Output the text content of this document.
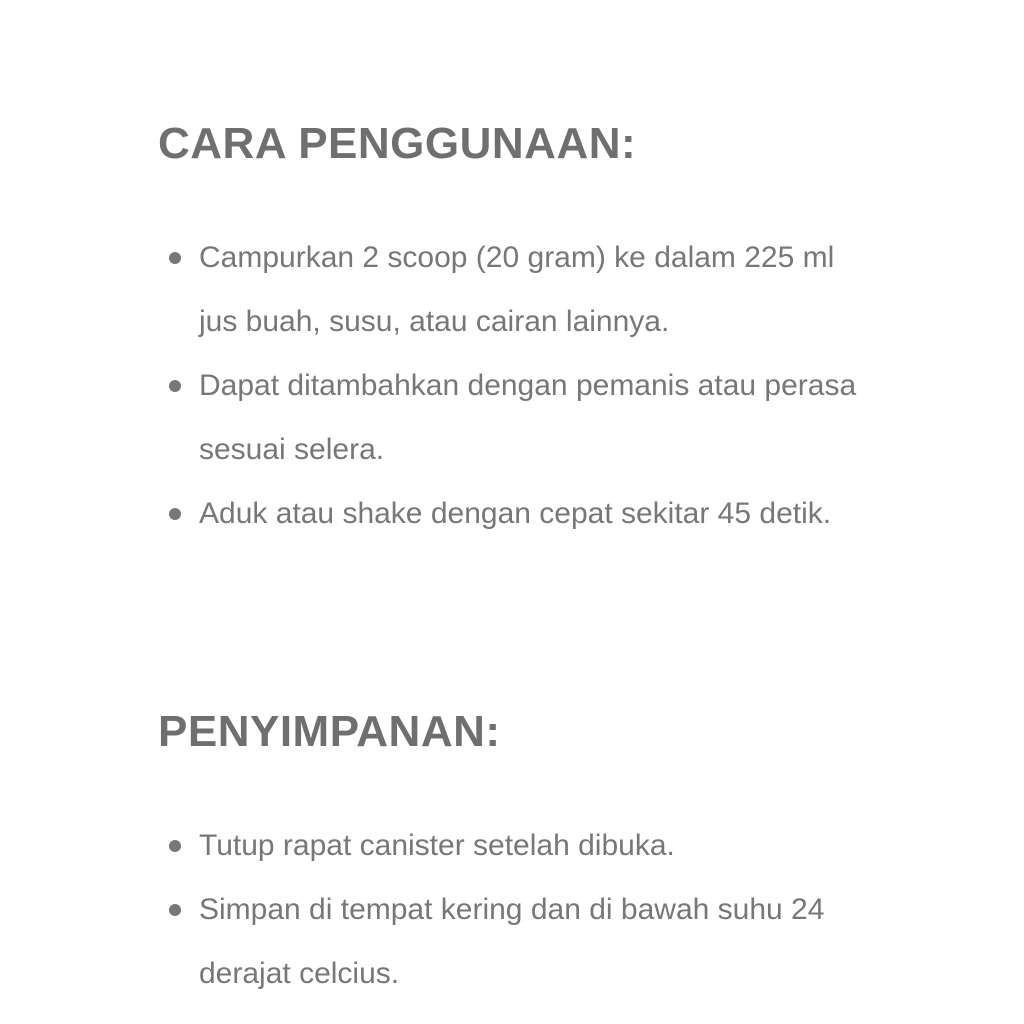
CARA PENGGUNAAN:
Campurkan 2 scoop (20 gram) ke dalam 225 ml jus buah, susu, atau cairan lainnya.
Dapat ditambahkan dengan pemanis atau perasa sesuai selera.
Aduk atau shake dengan cepat sekitar 45 detik.
PENYIMPANAN:
Tutup rapat canister setelah dibuka.
Simpan di tempat kering dan di bawah suhu 24 derajat celcius.
